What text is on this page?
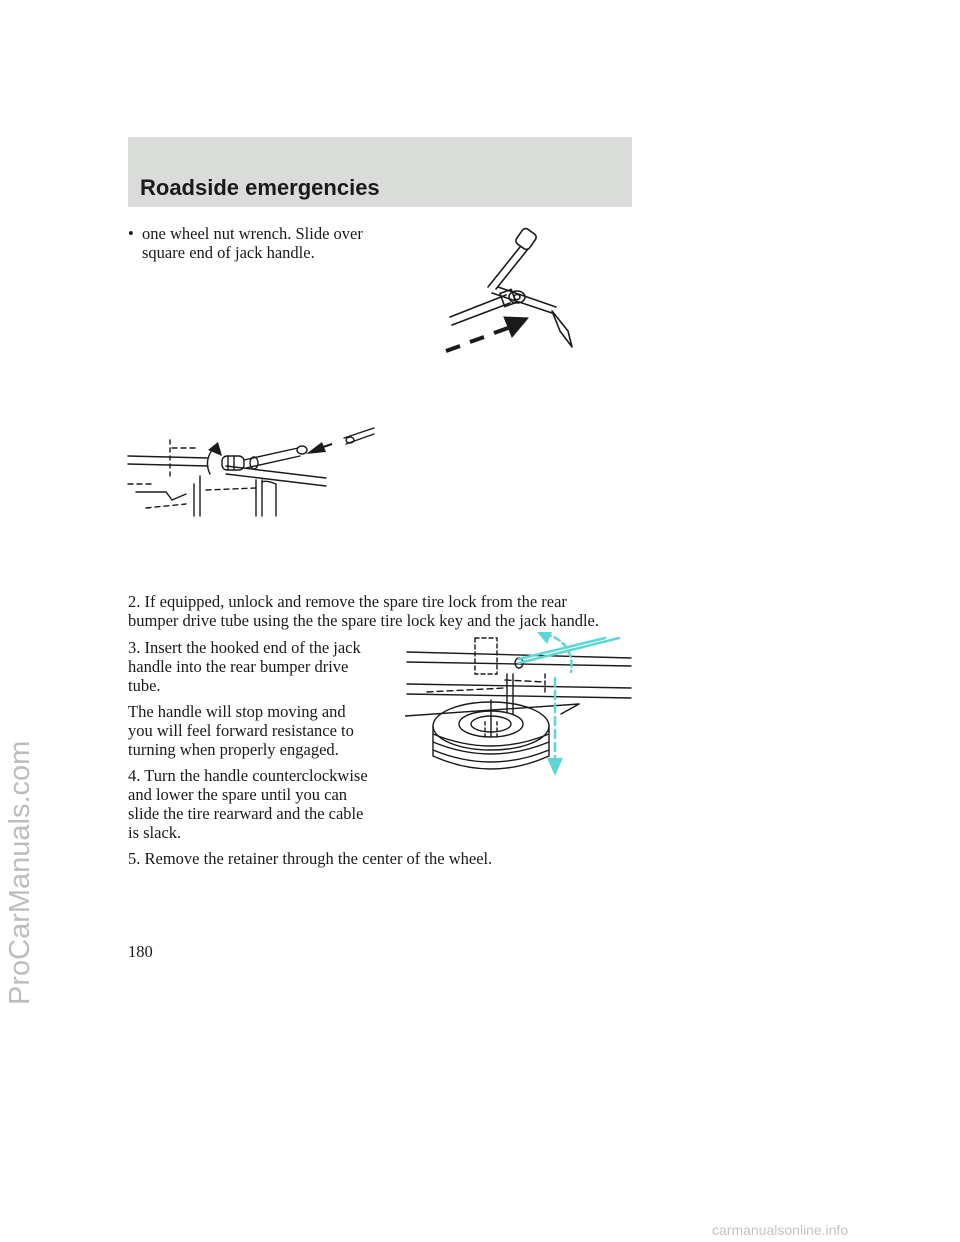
Roadside emergencies
• one wheel nut wrench. Slide over
square end of jack handle.
2. If equipped, unlock and remove the spare tire lock from the rear
bumper drive tube using the the spare tire lock key and the jack handle.
3. Insert the hooked end of the jack
handle into the rear bumper drive
tube.
The handle will stop moving and
you will feel forward resistance to
turning when properly engaged.
4. Turn the handle counterclockwise
and lower the spare until you can
slide the tire rearward and the cable
is slack.
5. Remove the retainer through the center of the wheel.
180
ProCarManuals.com
carmanualsonline.info
